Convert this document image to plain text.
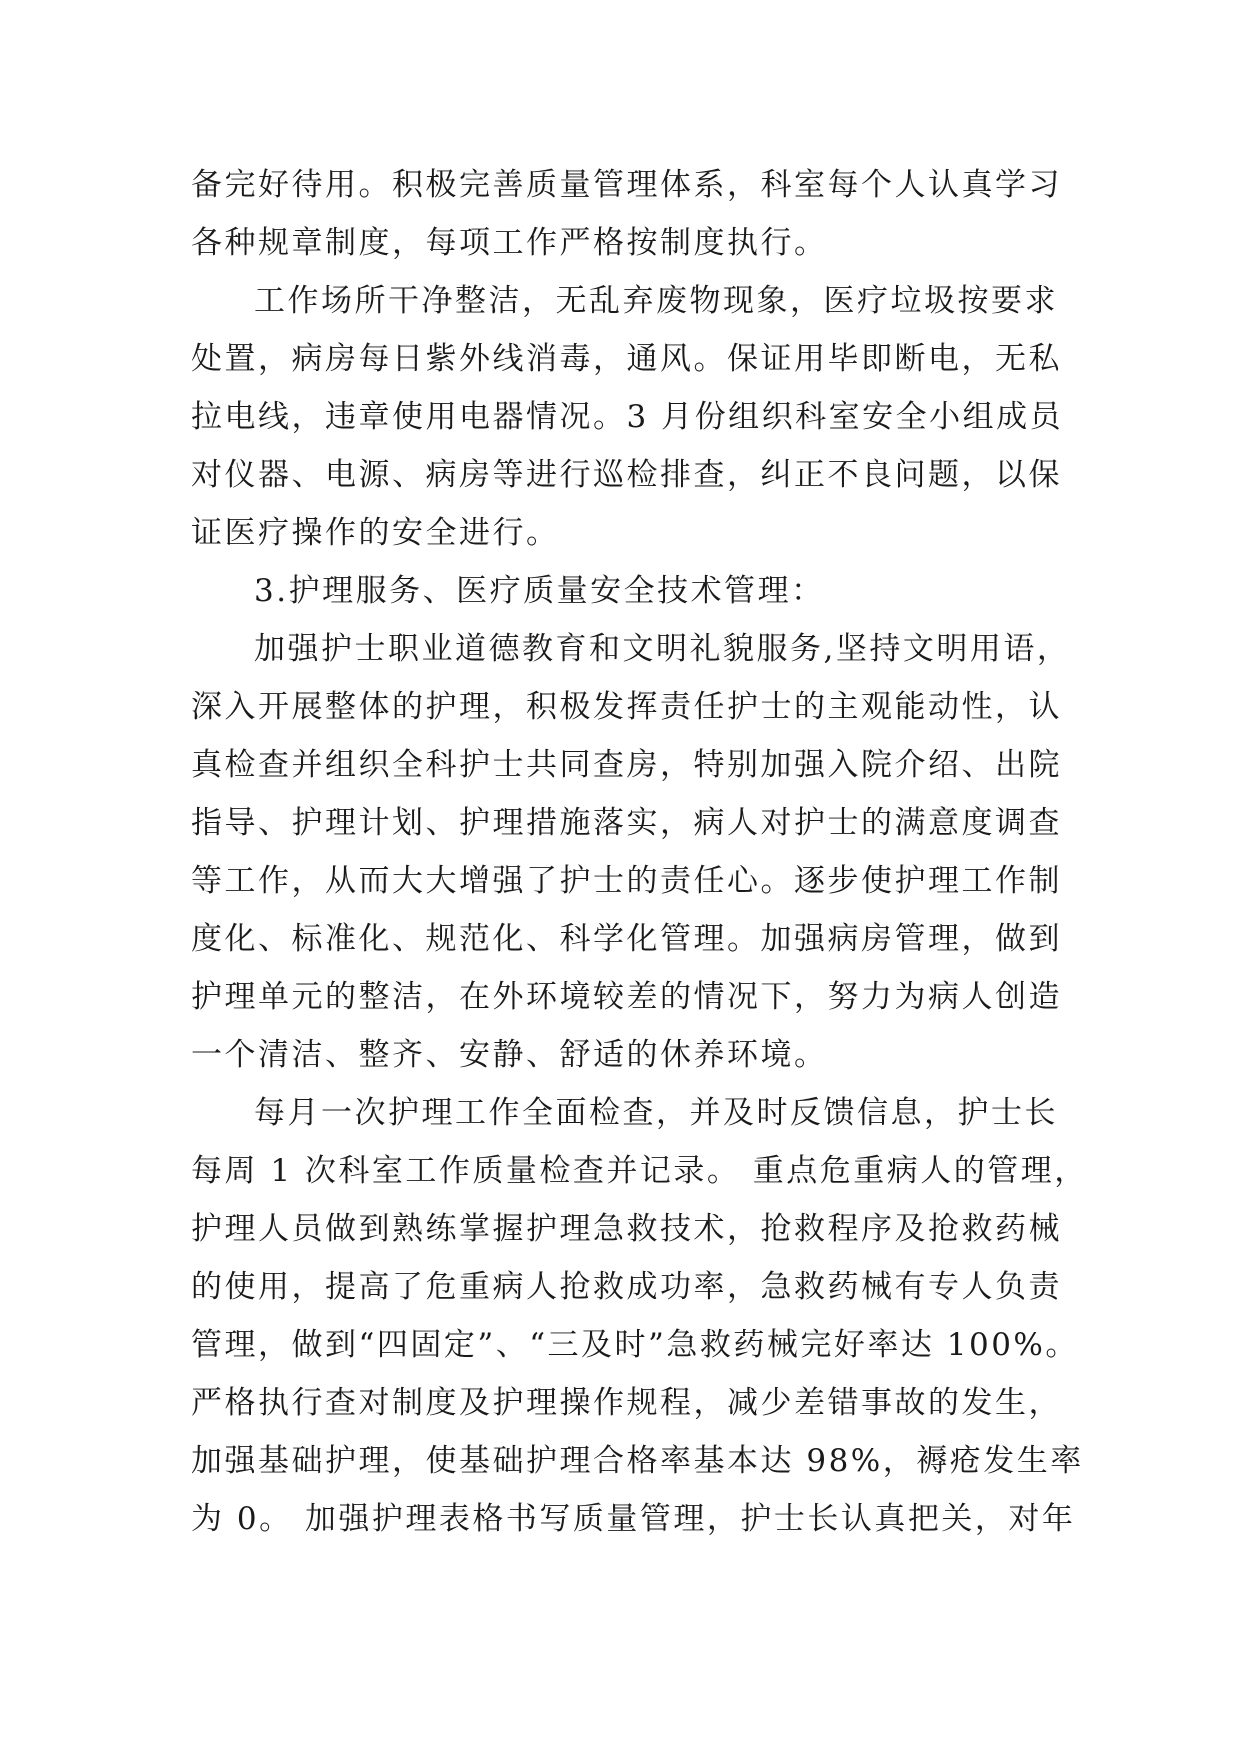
备完好待用。积极完善质量管理体系，科室每个人认真学习
各种规章制度，每项工作严格按制度执行。
工作场所干净整洁，无乱弃废物现象，医疗垃圾按要求
处置，病房每日紫外线消毒，通风。保证用毕即断电，无私
拉电线，违章使用电器情况。3 月份组织科室安全小组成员
对仪器、电源、病房等进行巡检排查，纠正不良问题，以保
证医疗操作的安全进行。
3.护理服务、医疗质量安全技术管理：
加强护士职业道德教育和文明礼貌服务,坚持文明用语，
深入开展整体的护理，积极发挥责任护士的主观能动性，认
真检查并组织全科护士共同查房，特别加强入院介绍、出院
指导、护理计划、护理措施落实，病人对护士的满意度调查
等工作，从而大大增强了护士的责任心。逐步使护理工作制
度化、标准化、规范化、科学化管理。加强病房管理，做到
护理单元的整洁，在外环境较差的情况下，努力为病人创造
一个清洁、整齐、安静、舒适的休养环境。
每月一次护理工作全面检查，并及时反馈信息，护士长
每周 1 次科室工作质量检查并记录。 重点危重病人的管理，
护理人员做到熟练掌握护理急救技术，抢救程序及抢救药械
的使用，提高了危重病人抢救成功率，急救药械有专人负责
管理，做到“四固定”、“三及时”急救药械完好率达 100%。
严格执行查对制度及护理操作规程，减少差错事故的发生，
加强基础护理，使基础护理合格率基本达 98%，褥疮发生率
为 0。 加强护理表格书写质量管理，护士长认真把关，对年
